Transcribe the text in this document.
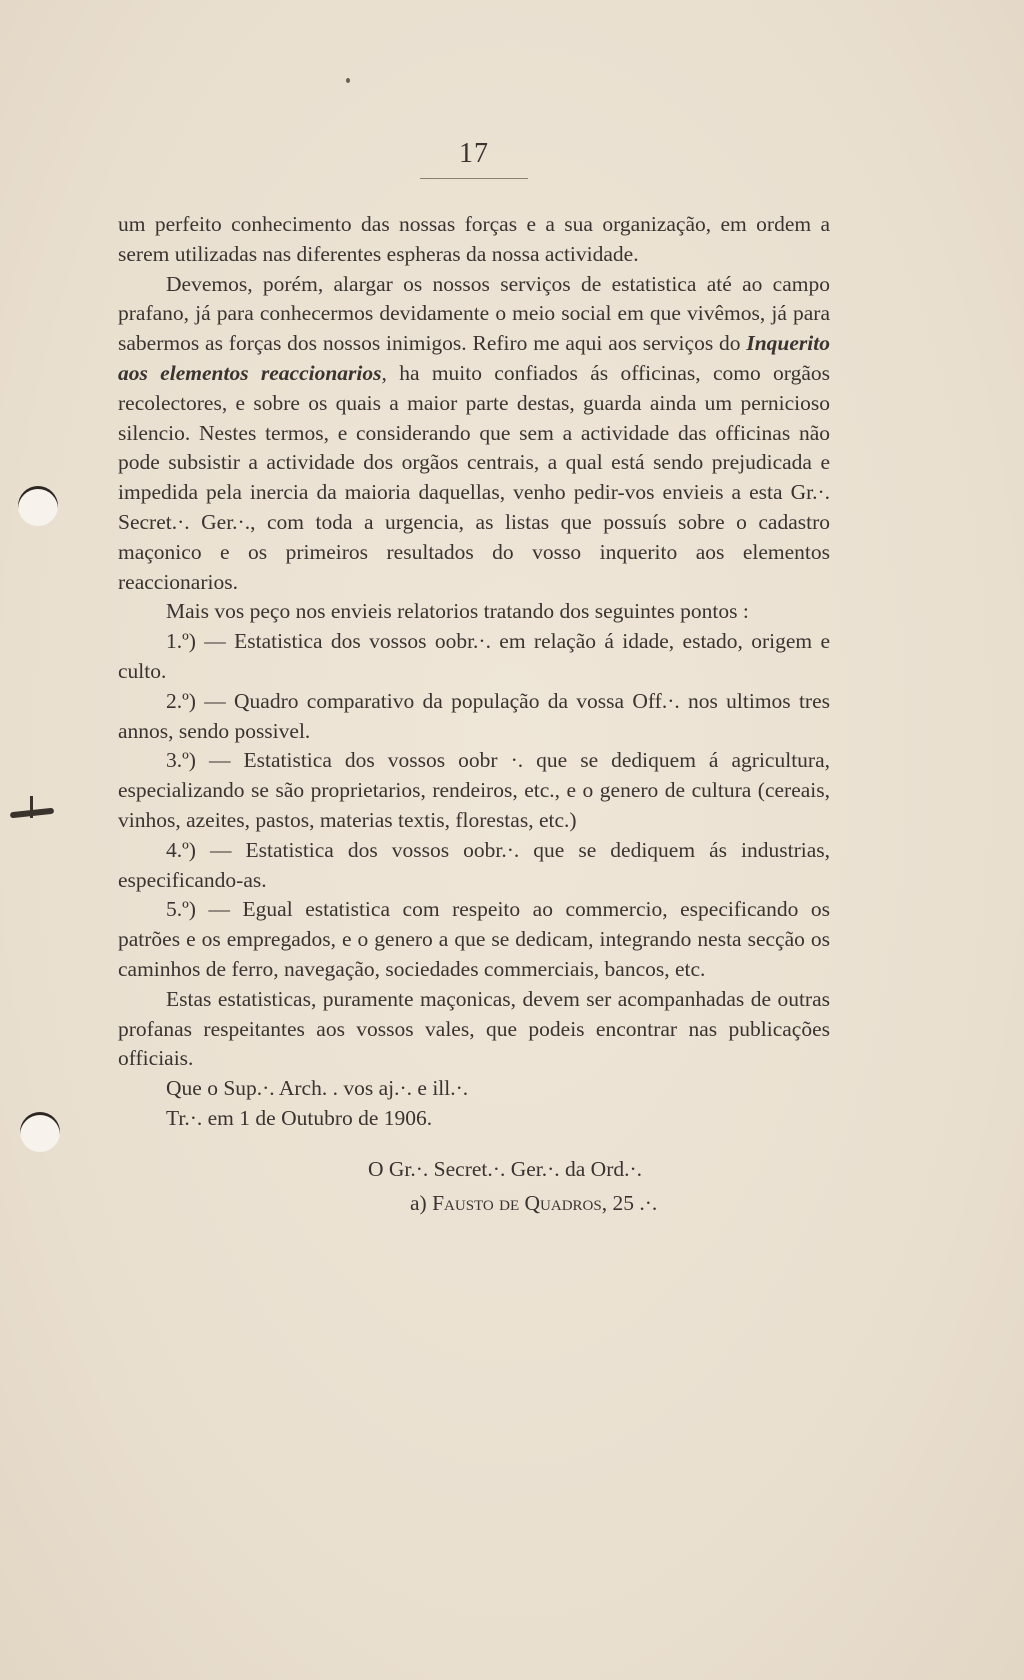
17

um perfeito conhecimento das nossas forças e a sua organização, em ordem a serem utilizadas nas diferentes espheras da nossa actividade.

Devemos, porém, alargar os nossos serviços de estatistica até ao campo prafano, já para conhecermos devidamente o meio social em que vivêmos, já para sabermos as forças dos nossos inimigos. Refiro me aqui aos serviços do Inquerito aos elementos reaccionarios, ha muito confiados ás officinas, como orgãos recolectores, e sobre os quais a maior parte destas, guarda ainda um pernicioso silencio. Nestes termos, e considerando que sem a actividade das officinas não pode subsistir a actividade dos orgãos centrais, a qual está sendo prejudicada e impedida pela inercia da maioria daquellas, venho pedir-vos envieis a esta Gr.·. Secret.·. Ger.·., com toda a urgencia, as listas que possuís sobre o cadastro maçonico e os primeiros resultados do vosso inquerito aos elementos reaccionarios.

Mais vos peço nos envieis relatorios tratando dos seguintes pontos :

1.º) — Estatistica dos vossos oobr.·. em relação á idade, estado, origem e culto.

2.º) — Quadro comparativo da população da vossa Off.·. nos ultimos tres annos, sendo possivel.

3.º) — Estatistica dos vossos oobr ·. que se dediquem á agricultura, especializando se são proprietarios, rendeiros, etc., e o genero de cultura (cereais, vinhos, azeites, pastos, materias textis, florestas, etc.)

4.º) — Estatistica dos vossos oobr.·. que se dediquem ás industrias, especificando-as.

5.º) — Egual estatistica com respeito ao commercio, especificando os patrões e os empregados, e o genero a que se dedicam, integrando nesta secção os caminhos de ferro, navegação, sociedades commerciais, bancos, etc.

Estas estatisticas, puramente maçonicas, devem ser acompanhadas de outras profanas respeitantes aos vossos vales, que podeis encontrar nas publicações officiais.

Que o Sup.·. Arch. . vos aj.·. e ill.·.

Tr.·. em 1 de Outubro de 1906.

O Gr.·. Secret.·. Ger.·. da Ord.·.
a) Fausto de Quadros, 25 .·.
